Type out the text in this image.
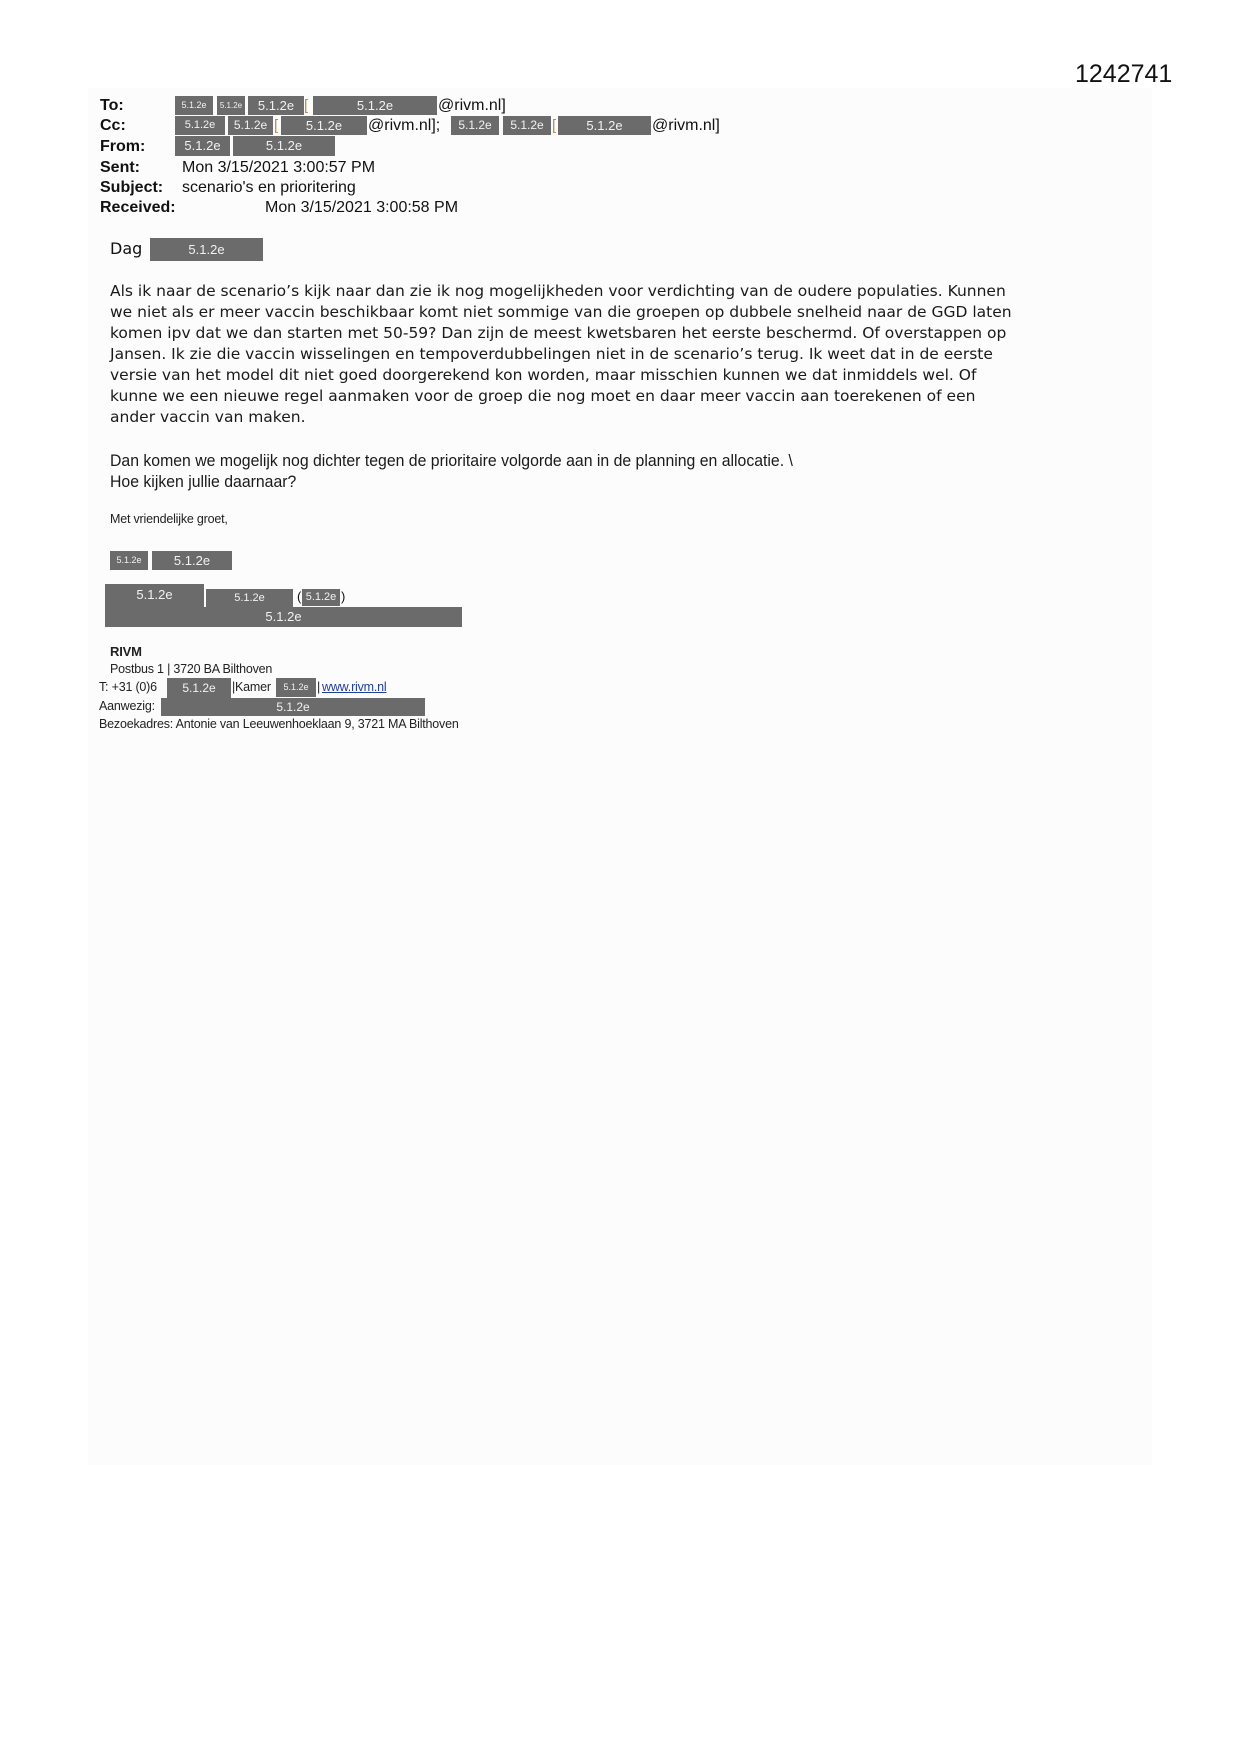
1242741
To:	5.1.2e	5.1.2e	5.1.2e [	5.1.2e	@rivm.nl]
Cc:	5.1.2e	5.1.2e [	5.1.2e	@rivm.nl];	5.1.2e	5.1.2e [	5.1.2e	@rivm.nl]
From:	5.1.2e	5.1.2e
Sent:	Mon 3/15/2021 3:00:57 PM
Subject: scenario's en prioritering
Received:	Mon 3/15/2021 3:00:58 PM
Dag	5.1.2e
Als ik naar de scenario’s kijk naar dan zie ik nog mogelijkheden voor verdichting van de oudere populaties. Kunnen
we niet als er meer vaccin beschikbaar komt niet sommige van die groepen op dubbele snelheid naar de GGD laten
komen ipv dat we dan starten met 50-59? Dan zijn de meest kwetsbaren het eerste beschermd. Of overstappen op
Jansen. Ik zie die vaccin wisselingen en tempoverdubbelingen niet in de scenario’s terug. Ik weet dat in de eerste
versie van het model dit niet goed doorgerekend kon worden, maar misschien kunnen we dat inmiddels wel. Of
kunne we een nieuwe regel aanmaken voor de groep die nog moet en daar meer vaccin aan toerekenen of een
ander vaccin van maken.
Dan komen we mogelijk nog dichter tegen de prioritaire volgorde aan in de planning en allocatie. \
Hoe kijken jullie daarnaar?
Met vriendelijke groet,
5.1.2e	5.1.2e
5.1.2e	5.1.2e	( 5.1.2e )
5.1.2e
RIVM
Postbus 1 | 3720 BA Bilthoven
T: +31 (0)6	5.1.2e	|Kamer	5.1.2e | www.rivm.nl
Aanwezig:	5.1.2e
Bezoekadres: Antonie van Leeuwenhoeklaan 9, 3721 MA Bilthoven
